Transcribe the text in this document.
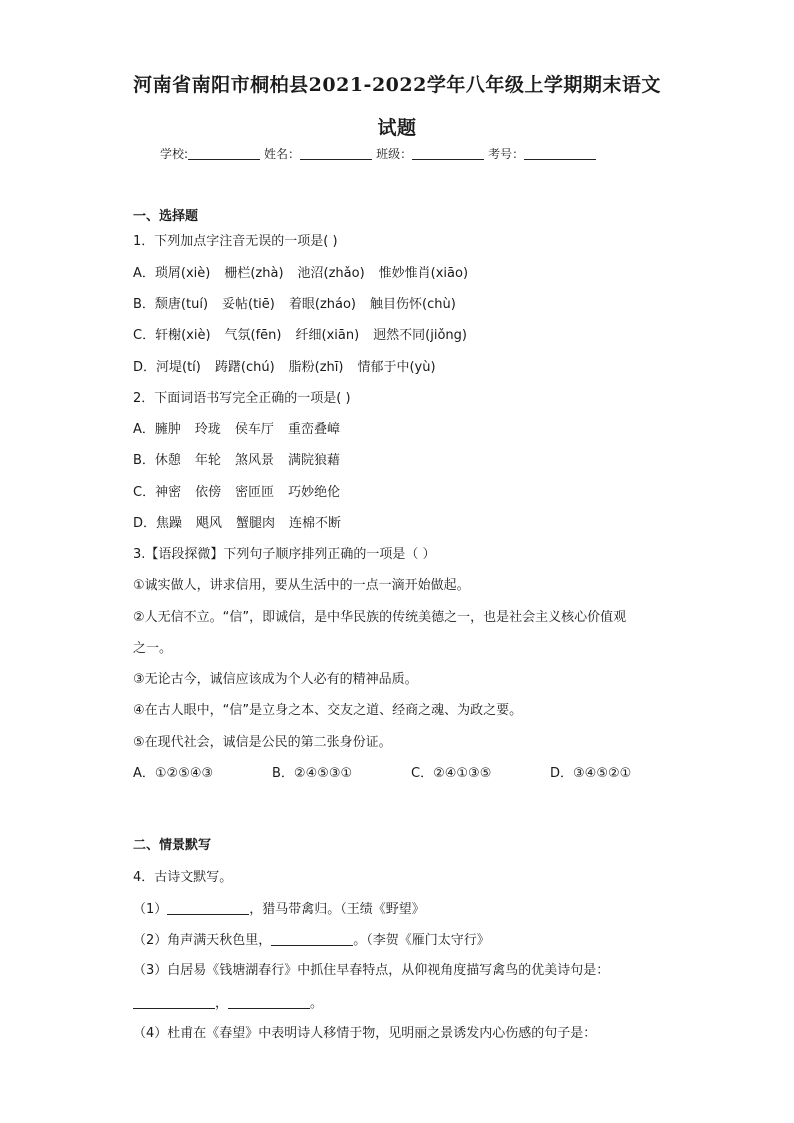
河南省南阳市桐柏县2021-2022学年八年级上学期期末语文
试题
学校:	姓名：	班级：	考号：
一、选择题
1．下列加点字注音无误的一项是( )
A．琐屑(xiè) 栅栏(zhà) 池沼(zhǎo) 惟妙惟肖(xiāo)
B．颓唐(tuí) 妥帖(tiē) 着眼(zháo) 触目伤怀(chù)
C．轩榭(xiè) 气氛(fēn) 纤细(xiān) 迥然不同(jiǒng)
D．河堤(tí) 踌躇(chú) 脂粉(zhī) 情郁于中(yù)
2．下面词语书写完全正确的一项是( )
A．臃肿 玲珑 侯车厅 重峦叠嶂
B．休憩 年轮 煞风景 满院狼藉
C．神密 依傍 密匝匝 巧妙绝伦
D．焦躁 飓风 蟹腿肉 连棉不断
3.【语段探微】下列句子顺序排列正确的一项是（ ）
①诚实做人，讲求信用，要从生活中的一点一滴开始做起。
②人无信不立。“信”，即诚信，是中华民族的传统美德之一，也是社会主义核心价值观
之一。
③无论古今，诚信应该成为个人必有的精神品质。
④在古人眼中，“信”是立身之本、交友之道、经商之魂、为政之要。
⑤在现代社会，诚信是公民的第二张身份证。
A．①②⑤④③	B．②④⑤③①	C．②④①③⑤	D．③④⑤②①
二、情景默写
4．古诗文默写。
（1）	，猎马带禽归。（王绩《野望》
（2）角声满天秋色里，	。（李贺《雁门太守行》
（3）白居易《钱塘湖春行》中抓住早春特点，从仰视角度描写禽鸟的优美诗句是：
，	。
（4）杜甫在《春望》中表明诗人移情于物，见明丽之景诱发内心伤感的句子是：
